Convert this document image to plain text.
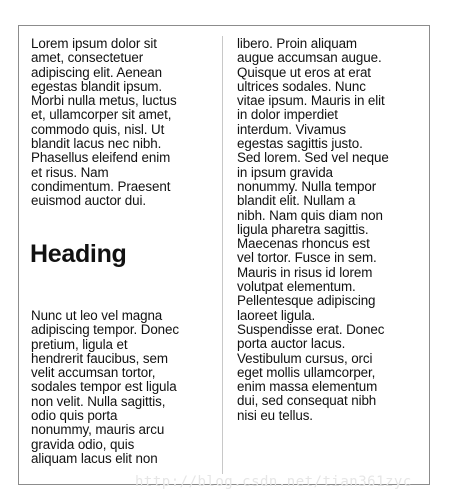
Lorem ipsum dolor sit
amet, consectetuer
adipiscing elit. Aenean
egestas blandit ipsum.
Morbi nulla metus, luctus
et, ullamcorper sit amet,
commodo quis, nisl. Ut
blandit lacus nec nibh.
Phasellus eleifend enim
et risus. Nam
condimentum. Praesent
euismod auctor dui.
Heading
Nunc ut leo vel magna
adipiscing tempor. Donec
pretium, ligula et
hendrerit faucibus, sem
velit accumsan tortor,
sodales tempor est ligula
non velit. Nulla sagittis,
odio quis porta
nonummy, mauris arcu
gravida odio, quis
aliquam lacus elit non
libero. Proin aliquam
augue accumsan augue.
Quisque ut eros at erat
ultrices sodales. Nunc
vitae ipsum. Mauris in elit
in dolor imperdiet
interdum. Vivamus
egestas sagittis justo.
Sed lorem. Sed vel neque
in ipsum gravida
nonummy. Nulla tempor
blandit elit. Nullam a
nibh. Nam quis diam non
ligula pharetra sagittis.
Maecenas rhoncus est
vel tortor. Fusce in sem.
Mauris in risus id lorem
volutpat elementum.
Pellentesque adipiscing
laoreet ligula.
Suspendisse erat. Donec
porta auctor lacus.
Vestibulum cursus, orci
eget mollis ullamcorper,
enim massa elementum
dui, sed consequat nibh
nisi eu tellus.
http://blog.csdn.net/tian361zyc
